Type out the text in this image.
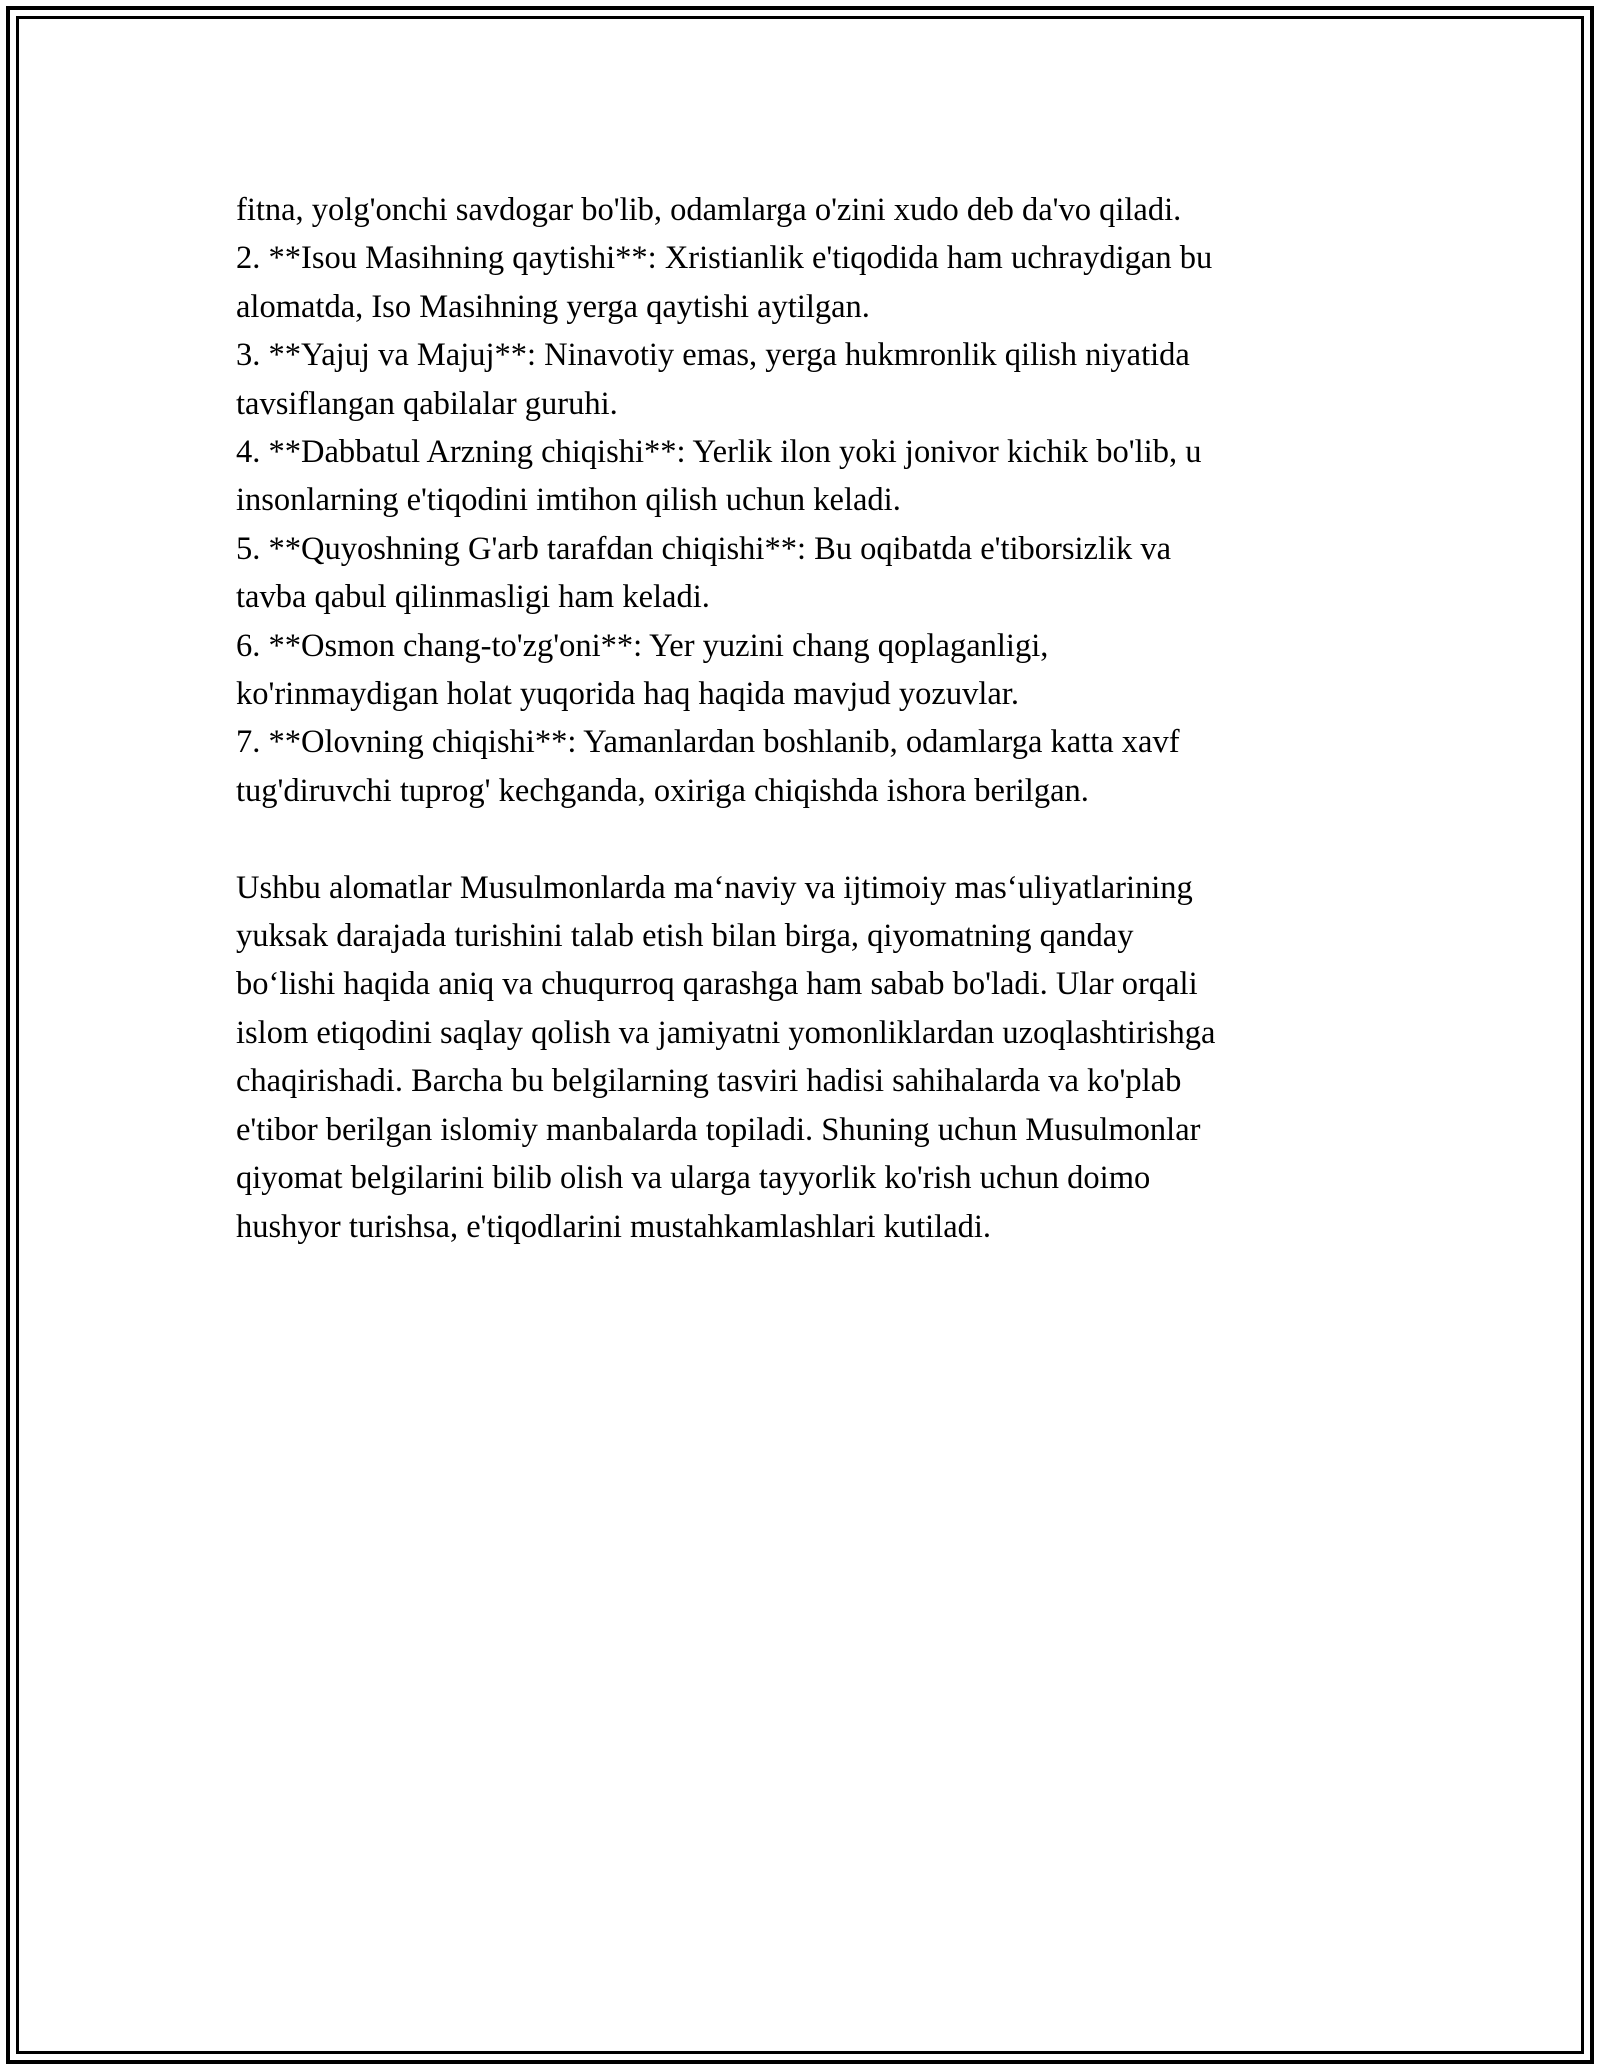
fitna, yolg'onchi savdogar bo'lib, odamlarga o'zini xudo deb da'vo qiladi.
2. **Isou Masihning qaytishi**: Xristianlik e'tiqodida ham uchraydigan bu
alomatda, Iso Masihning yerga qaytishi aytilgan.
3. **Yajuj va Majuj**: Ninavotiy emas, yerga hukmronlik qilish niyatida
tavsiflangan qabilalar guruhi.
4. **Dabbatul Arzning chiqishi**: Yerlik ilon yoki jonivor kichik bo'lib, u
insonlarning e'tiqodini imtihon qilish uchun keladi.
5. **Quyoshning G'arb tarafdan chiqishi**: Bu oqibatda e'tiborsizlik va
tavba qabul qilinmasligi ham keladi.
6. **Osmon chang-to'zg'oni**: Yer yuzini chang qoplaganligi,
ko'rinmaydigan holat yuqorida haq haqida mavjud yozuvlar.
7. **Olovning chiqishi**: Yamanlardan boshlanib, odamlarga katta xavf
tug'diruvchi tuprog' kechganda, oxiriga chiqishda ishora berilgan.
Ushbu alomatlar Musulmonlarda ma‘naviy va ijtimoiy mas‘uliyatlarining
yuksak darajada turishini talab etish bilan birga, qiyomatning qanday
bo‘lishi haqida aniq va chuqurroq qarashga ham sabab bo'ladi. Ular orqali
islom etiqodini saqlay qolish va jamiyatni yomonliklardan uzoqlashtirishga
chaqirishadi. Barcha bu belgilarning tasviri hadisi sahihalarda va ko'plab
e'tibor berilgan islomiy manbalarda topiladi. Shuning uchun Musulmonlar
qiyomat belgilarini bilib olish va ularga tayyorlik ko'rish uchun doimo
hushyor turishsa, e'tiqodlarini mustahkamlashlari kutiladi.
